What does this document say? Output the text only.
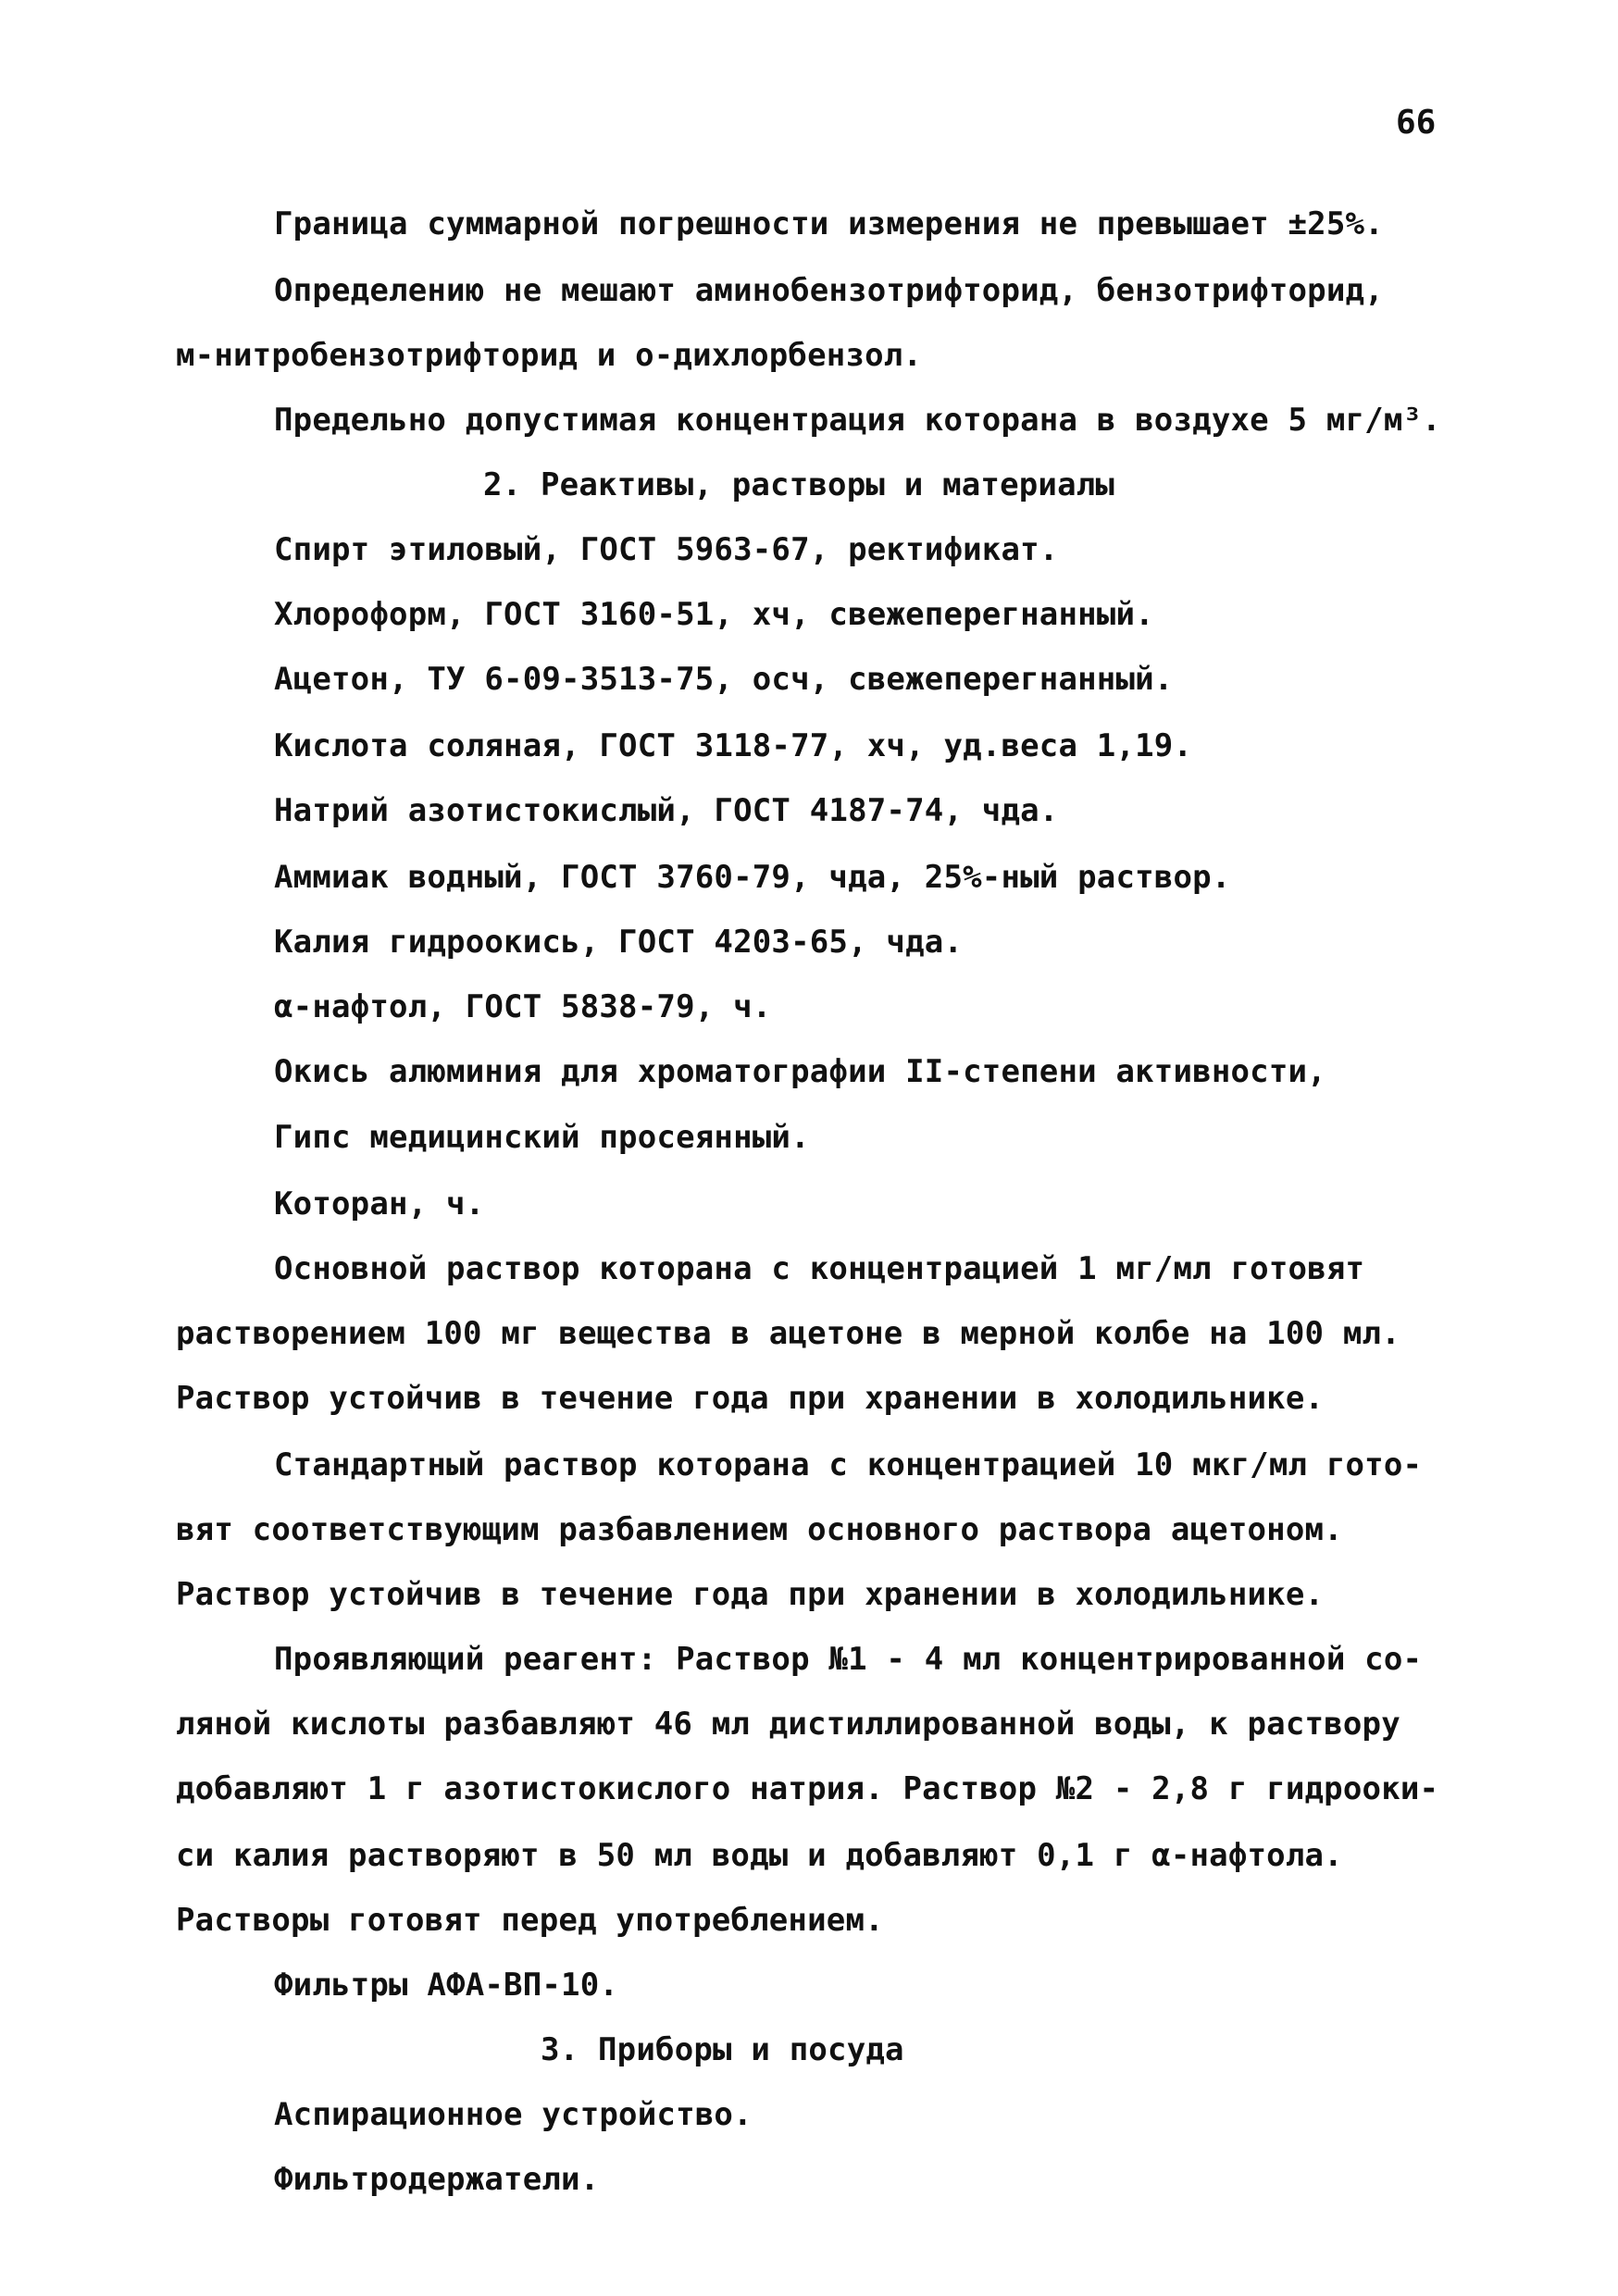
66
Граница суммарной погрешности измерения не превышает ±25%.
Определению не мешают аминобензотрифторид, бензотрифторид,
м-нитробензотрифторид и о-дихлорбензол.
Предельно допустимая концентрация которана в воздухе 5 мг/м³.
2. Реактивы, растворы и материалы
Спирт этиловый, ГОСТ 5963-67, ректификат.
Хлороформ, ГОСТ 3160-51, хч, свежеперегнанный.
Ацетон, ТУ 6-09-3513-75, осч, свежеперегнанный.
Кислота соляная, ГОСТ 3118-77, хч, уд.веса 1,19.
Натрий азотистокислый, ГОСТ 4187-74, чда.
Аммиак водный, ГОСТ 3760-79, чда, 25%-ный раствор.
Калия гидроокись, ГОСТ 4203-65, чда.
α-нафтол, ГОСТ 5838-79, ч.
Окись алюминия для хроматографии II-степени активности,
Гипс медицинский просеянный.
Которан, ч.
Основной раствор которана с концентрацией 1 мг/мл готовят
растворением 100 мг вещества в ацетоне в мерной колбе на 100 мл.
Раствор устойчив в течение года при хранении в холодильнике.
Стандартный раствор которана с концентрацией 10 мкг/мл гото-
вят соответствующим разбавлением основного раствора ацетоном.
Раствор устойчив в течение года при хранении в холодильнике.
Проявляющий реагент: Раствор №1 - 4 мл концентрированной со-
ляной кислоты разбавляют 46 мл дистиллированной воды, к раствору
добавляют 1 г азотистокислого натрия. Раствор №2 - 2,8 г гидрооки-
си калия растворяют в 50 мл воды и добавляют 0,1 г α-нафтола.
Растворы готовят перед употреблением.
Фильтры АФА-ВП-10.
3. Приборы и посуда
Аспирационное устройство.
Фильтродержатели.
